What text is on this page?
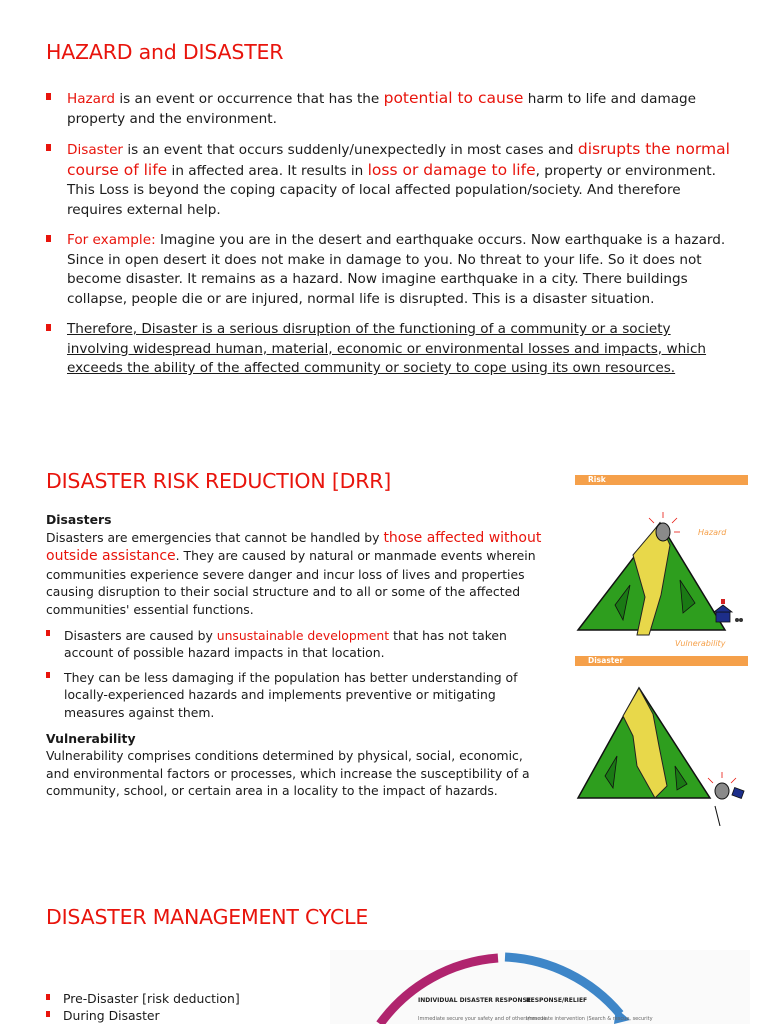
HAZARD and DISASTER
Hazard is an event or occurrence that has the potential to cause harm to life and damage property and the environment.
Disaster is an event that occurs suddenly/unexpectedly in most cases and disrupts the normal course of life in affected area. It results in loss or damage to life, property or environment. This Loss is beyond the coping capacity of local affected population/society. And therefore requires external help.
For example: Imagine you are in the desert and earthquake occurs. Now earthquake is a hazard. Since in open desert it does not make in damage to you. No threat to your life. So it does not become disaster. It remains as a hazard. Now imagine earthquake in a city. There buildings collapse, people die or are injured, normal life is disrupted. This is a disaster situation.
Therefore, Disaster is a serious disruption of the functioning of a community or a society involving widespread human, material, economic or environmental losses and impacts, which exceeds the ability of the affected community or society to cope using its own resources.
DISASTER RISK REDUCTION [DRR]

Disasters

Disasters are emergencies that cannot be handled by those affected without outside assistance. They are caused by natural or manmade events wherein communities experience severe danger and incur loss of lives and properties causing disruption to their social structure and to all or some of the affected communities' essential functions.

Disasters are caused by unsustainable development that has not taken account of possible hazard impacts in that location.
They can be less damaging if the population has better understanding of locally-experienced hazards and implements preventive or mitigating measures against them.

Vulnerability

Vulnerability comprises conditions determined by physical, social, economic, and environmental factors or processes, which increase the susceptibility of a community, school, or certain area in a locality to the impact of hazards.

Risk
Hazard
Vulnerability
Disaster
DISASTER MANAGEMENT CYCLE
Pre-Disaster [risk deduction]
During Disaster
INDIVIDUAL DISASTER RESPONSE
Immediate secure your safety and of others/rescue
RESPONSE/RELIEF
Immediate intervention (Search & rescue, security
